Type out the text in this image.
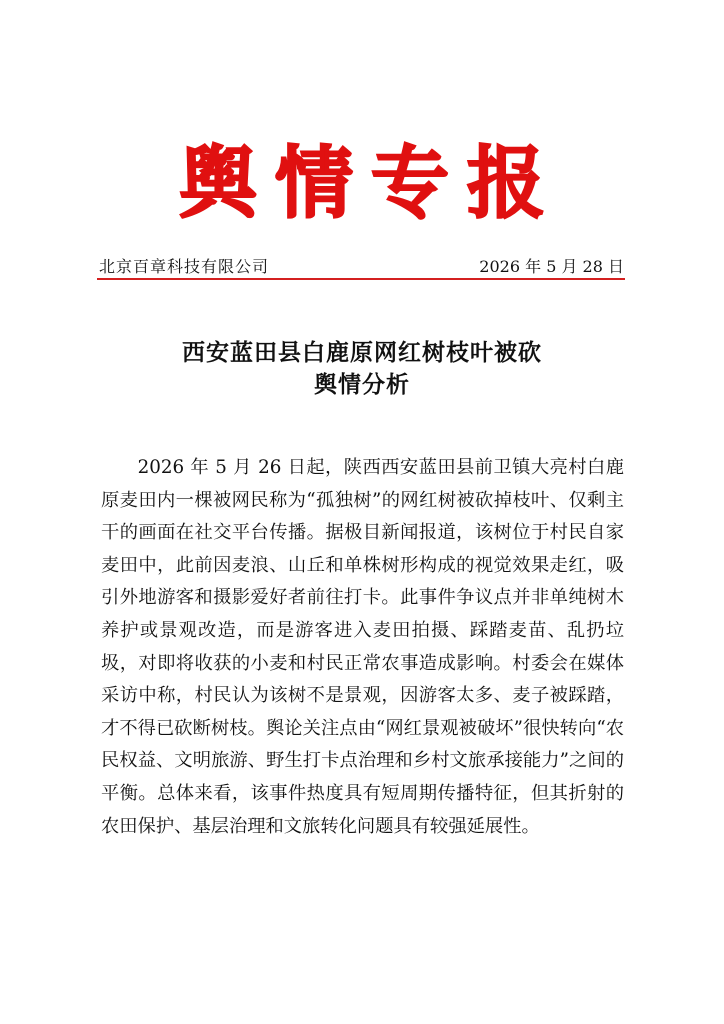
舆情专报
北京百章科技有限公司	2026 年 5 月 28 日
西安蓝田县白鹿原网红树枝叶被砍
舆情分析

2026 年 5 月 26 日起，陕西西安蓝田县前卫镇大亮村白鹿原麦田内一棵被网民称为“孤独树”的网红树被砍掉枝叶、仅剩主干的画面在社交平台传播。据极目新闻报道，该树位于村民自家麦田中，此前因麦浪、山丘和单株树形构成的视觉效果走红，吸引外地游客和摄影爱好者前往打卡。此事件争议点并非单纯树木养护或景观改造，而是游客进入麦田拍摄、踩踏麦苗、乱扔垃圾，对即将收获的小麦和村民正常农事造成影响。村委会在媒体采访中称，村民认为该树不是景观，因游客太多、麦子被踩踏，才不得已砍断树枝。舆论关注点由“网红景观被破坏”很快转向“农民权益、文明旅游、野生打卡点治理和乡村文旅承接能力”之间的平衡。总体来看，该事件热度具有短周期传播特征，但其折射的农田保护、基层治理和文旅转化问题具有较强延展性。
